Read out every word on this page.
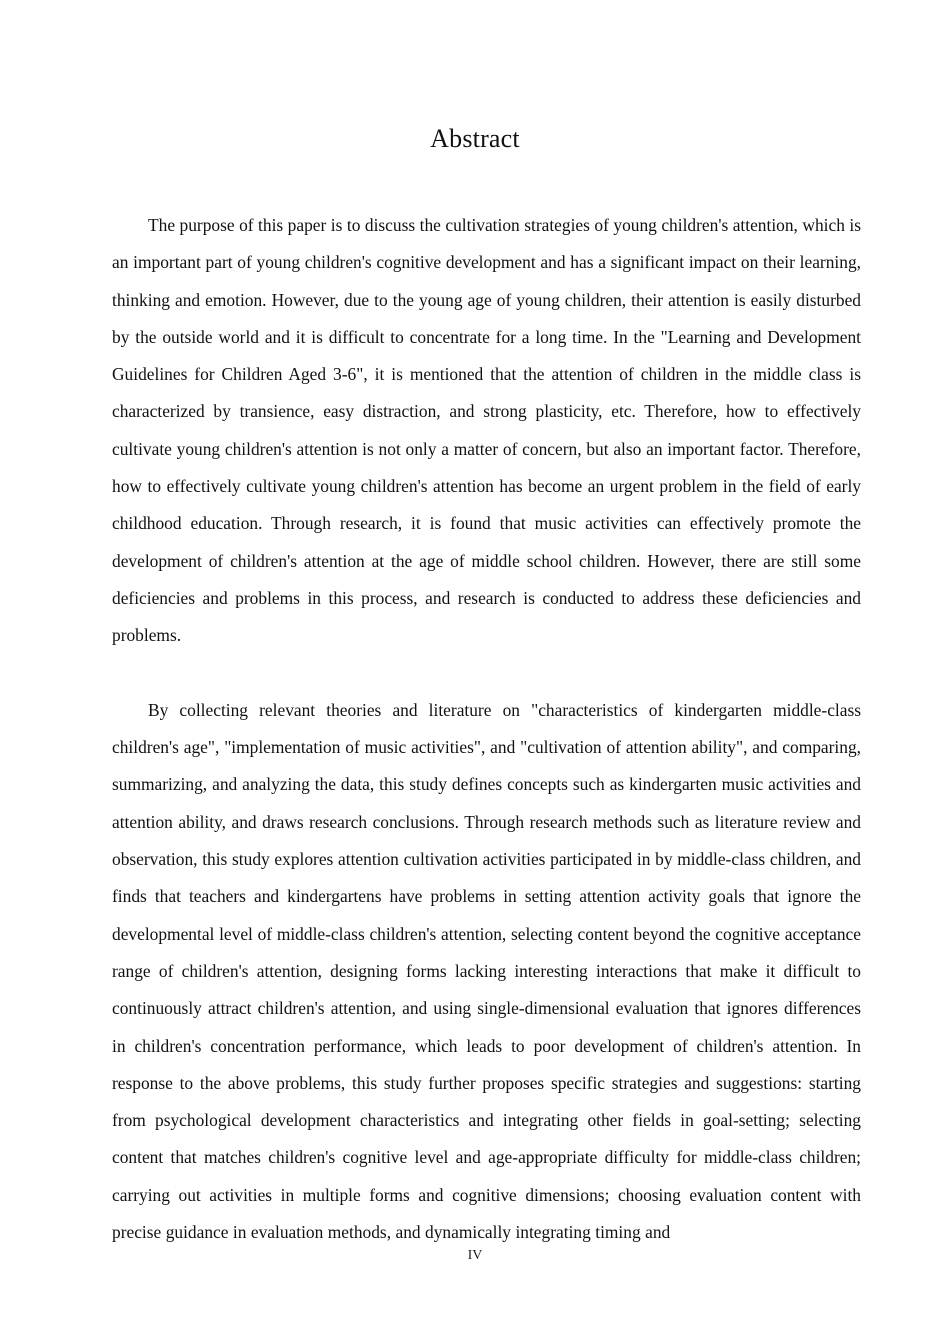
Abstract

The purpose of this paper is to discuss the cultivation strategies of young children's attention, which is an important part of young children's cognitive development and has a significant impact on their learning, thinking and emotion. However, due to the young age of young children, their attention is easily disturbed by the outside world and it is difficult to concentrate for a long time. In the "Learning and Development Guidelines for Children Aged 3-6", it is mentioned that the attention of children in the middle class is characterized by transience, easy distraction, and strong plasticity, etc. Therefore, how to effectively cultivate young children's attention is not only a matter of concern, but also an important factor. Therefore, how to effectively cultivate young children's attention has become an urgent problem in the field of early childhood education. Through research, it is found that music activities can effectively promote the development of children's attention at the age of middle school children. However, there are still some deficiencies and problems in this process, and research is conducted to address these deficiencies and problems.

By collecting relevant theories and literature on "characteristics of kindergarten middle-class children's age", "implementation of music activities", and "cultivation of attention ability", and comparing, summarizing, and analyzing the data, this study defines concepts such as kindergarten music activities and attention ability, and draws research conclusions. Through research methods such as literature review and observation, this study explores attention cultivation activities participated in by middle-class children, and finds that teachers and kindergartens have problems in setting attention activity goals that ignore the developmental level of middle-class children's attention, selecting content beyond the cognitive acceptance range of children's attention, designing forms lacking interesting interactions that make it difficult to continuously attract children's attention, and using single-dimensional evaluation that ignores differences in children's concentration performance, which leads to poor development of children's attention. In response to the above problems, this study further proposes specific strategies and suggestions: starting from psychological development characteristics and integrating other fields in goal-setting; selecting content that matches children's cognitive level and age-appropriate difficulty for middle-class children; carrying out activities in multiple forms and cognitive dimensions; choosing evaluation content with precise guidance in evaluation methods, and dynamically integrating timing and

IV
